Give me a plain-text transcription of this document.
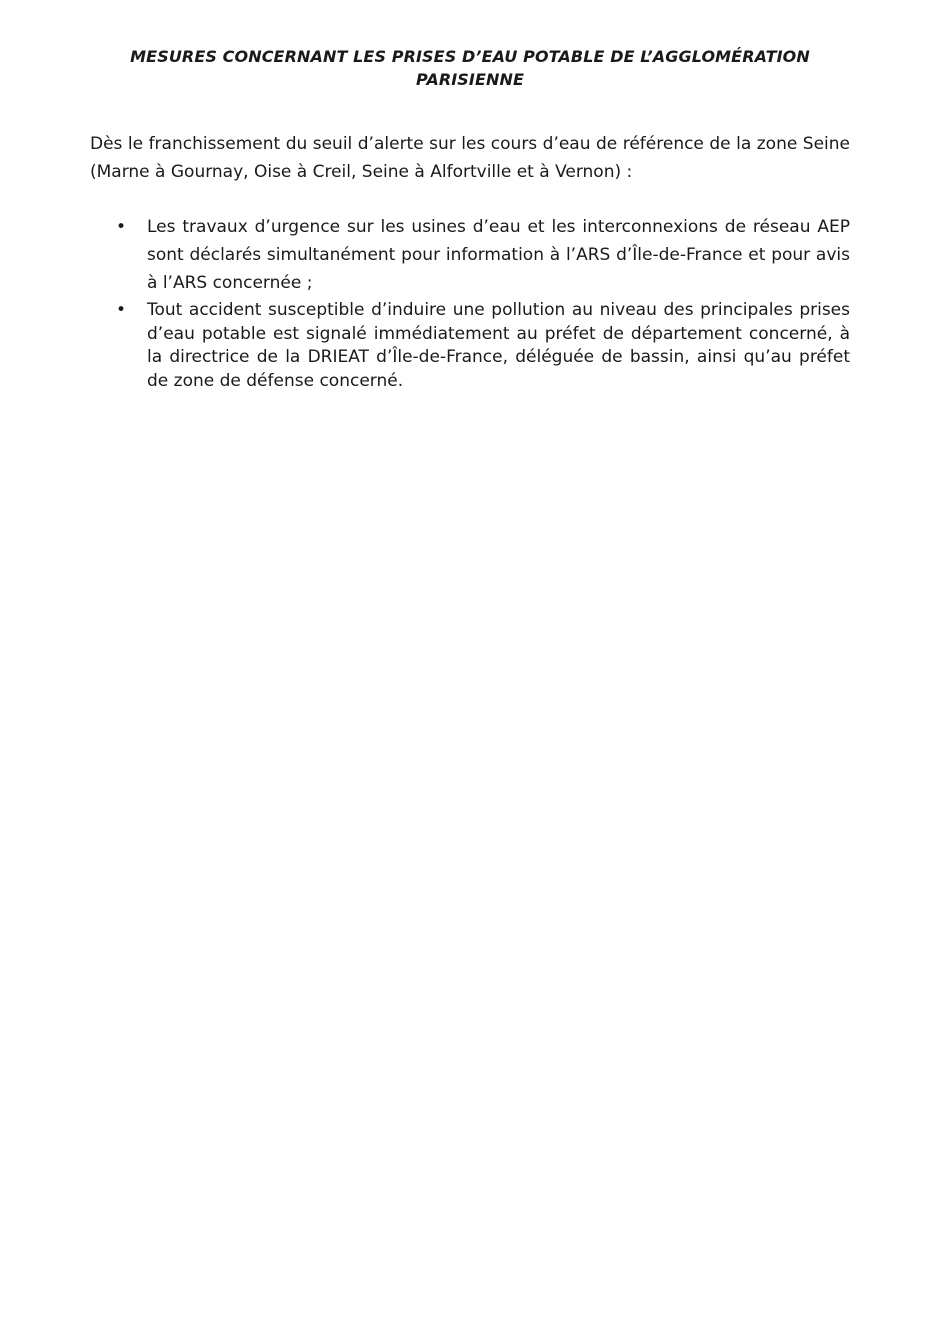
MESURES CONCERNANT LES PRISES D’EAU POTABLE DE L’AGGLOMÉRATION PARISIENNE

Dès le franchissement du seuil d’alerte sur les cours d’eau de référence de la zone Seine (Marne à Gournay, Oise à Creil, Seine à Alfortville et à Vernon) :

• Les travaux d’urgence sur les usines d’eau et les interconnexions de réseau AEP sont déclarés simultanément pour information à l’ARS d’Île-de-France et pour avis à l’ARS concernée ;
• Tout accident susceptible d’induire une pollution au niveau des principales prises d’eau potable est signalé immédiatement au préfet de département concerné, à la directrice de la DRIEAT d’Île-de-France, déléguée de bassin, ainsi qu’au préfet de zone de défense concerné.
